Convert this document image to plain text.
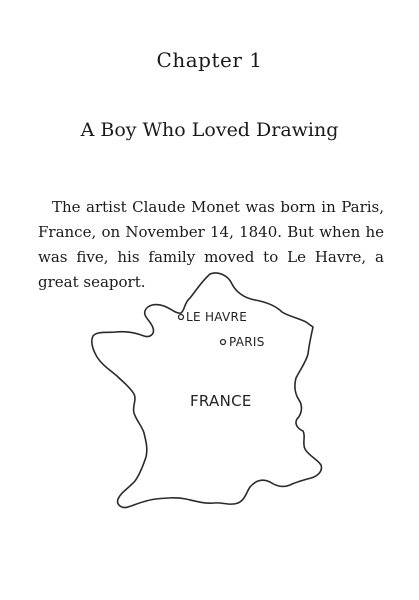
Chapter 1
A Boy Who Loved Drawing

The artist Claude Monet was born in Paris, France, on November 14, 1840. But when he was five, his family moved to Le Havre, a great seaport.

LE HAVRE
PARIS
FRANCE
